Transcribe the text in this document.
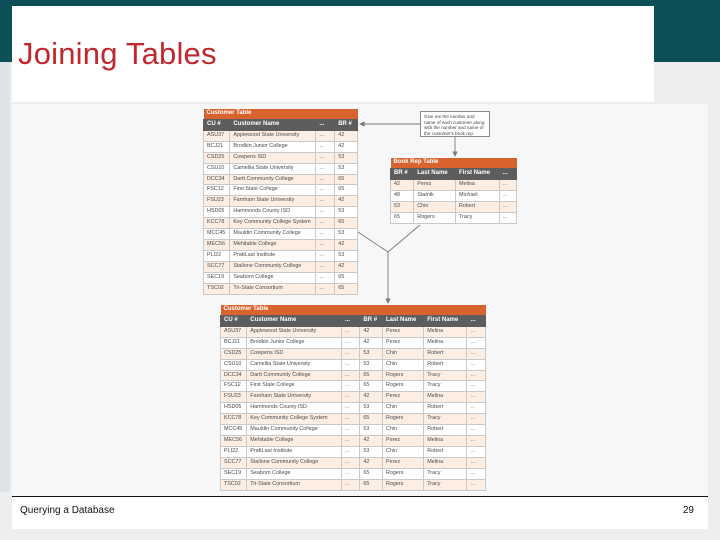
Joining Tables
Customer Table			
CU #	Customer Name	...	BR #
ASU37	Applewood State University	...	42
BCJ21	Brodkin Junior College	...	42
CSD25	Cowpens ISD	...	53
CSU10	Camellia State University	...	53
DCC34	Dartt Community College	...	65
FSC12	First State College	...	65
FSU23	Farnham State University	...	42
HSD05	Hammonds County ISD	...	53
KCC78	Key Community College System	...	65
MCC45	Mauldin Community College	...	53
MEC56	Mehitable College	...	42
PLI22	PrattLast Institute	...	53
SCC77	Stallone Community College	...	42
SEC19	Seaborn College	...	65
TSC02	Tri-State Consortium	...	65
Book Rep Table			
BR #	Last Name	First Name	...
42	Perez	Melina	...
48	Statnik	Michael	...
53	Chin	Robert	...
65	Rogers	Tracy	...
Customer Table						
CU #	Customer Name	...	BR #	Last Name	First Name	...
ASU37	Applewood State University	...	42	Perez	Melina	...
BCJ21	Brodkin Junior College	...	42	Perez	Melina	...
CSD25	Cowpens ISD	...	53	Chin	Robert	...
CSU10	Camellia State University	...	53	Chin	Robert	...
DCC34	Dartt Community College	...	65	Rogers	Tracy	...
FSC12	First State College	...	65	Rogers	Tracy	...
FSU23	Farnham State University	...	42	Perez	Melina	...
HSD05	Hammonds County ISD	...	53	Chin	Robert	...
KCC78	Key Community College System	...	65	Rogers	Tracy	...
MCC45	Mauldin Community College	...	53	Chin	Robert	...
MEC56	Mehitable College	...	42	Perez	Melina	...
PLI22	PrattLast Institute	...	53	Chin	Robert	...
SCC77	Stallone Community College	...	42	Perez	Melina	...
SEC19	Seaborn College	...	65	Rogers	Tracy	...
TSC02	Tri-State Consortium	...	65	Rogers	Tracy	...
Give me the number and name of each customer along with the number and name of the customer's book rep.
Querying a Database	29
